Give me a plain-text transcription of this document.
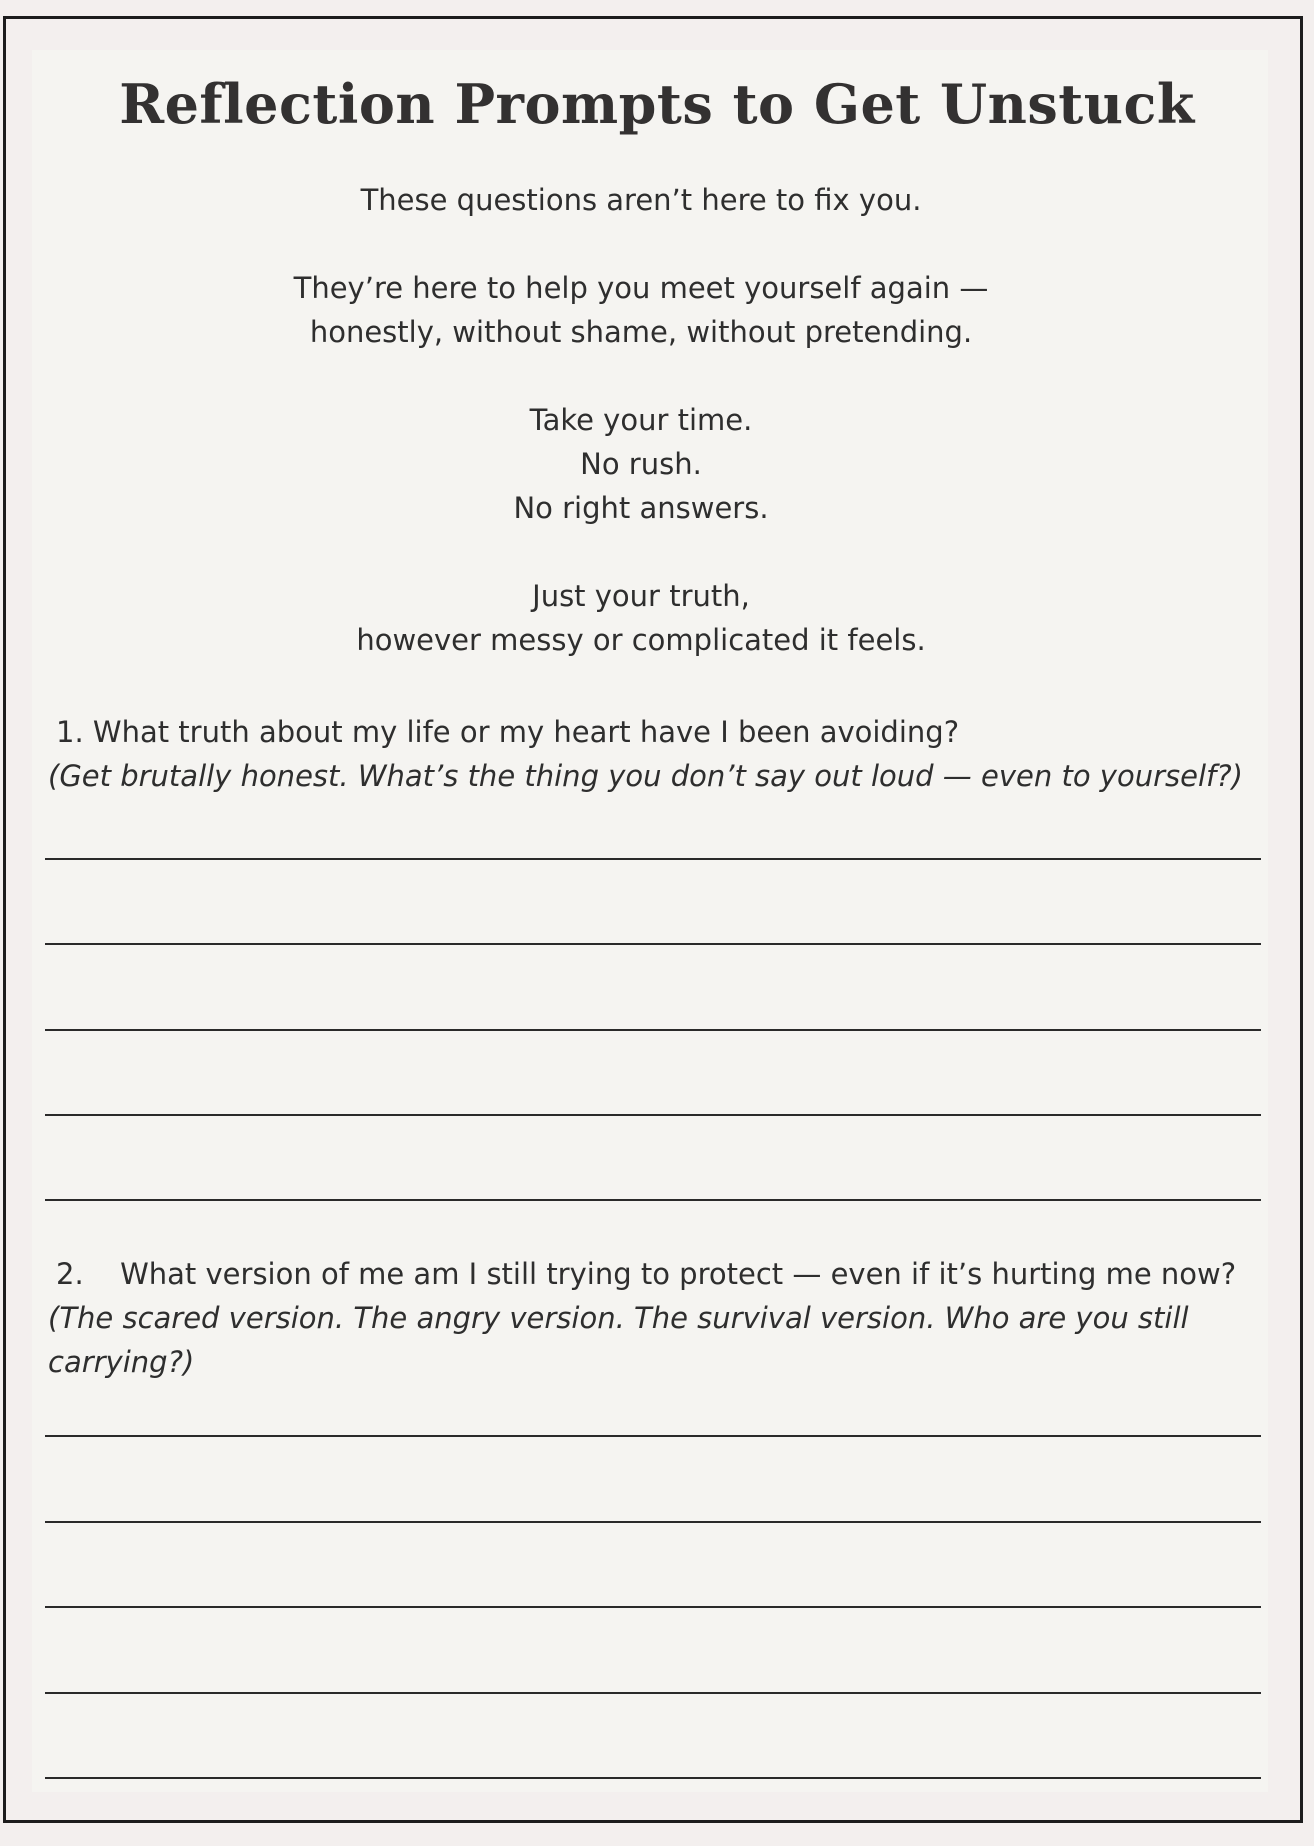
Reflection Prompts to Get Unstuck
These questions aren’t here to fix you.
They’re here to help you meet yourself again —
honestly, without shame, without pretending.
Take your time.
No rush.
No right answers.
Just your truth,
however messy or complicated it feels.
1. What truth about my life or my heart have I been avoiding?
(Get brutally honest. What’s the thing you don’t say out loud — even to yourself?)
2. What version of me am I still trying to protect — even if it’s hurting me now?
(The scared version. The angry version. The survival version. Who are you still
carrying?)
